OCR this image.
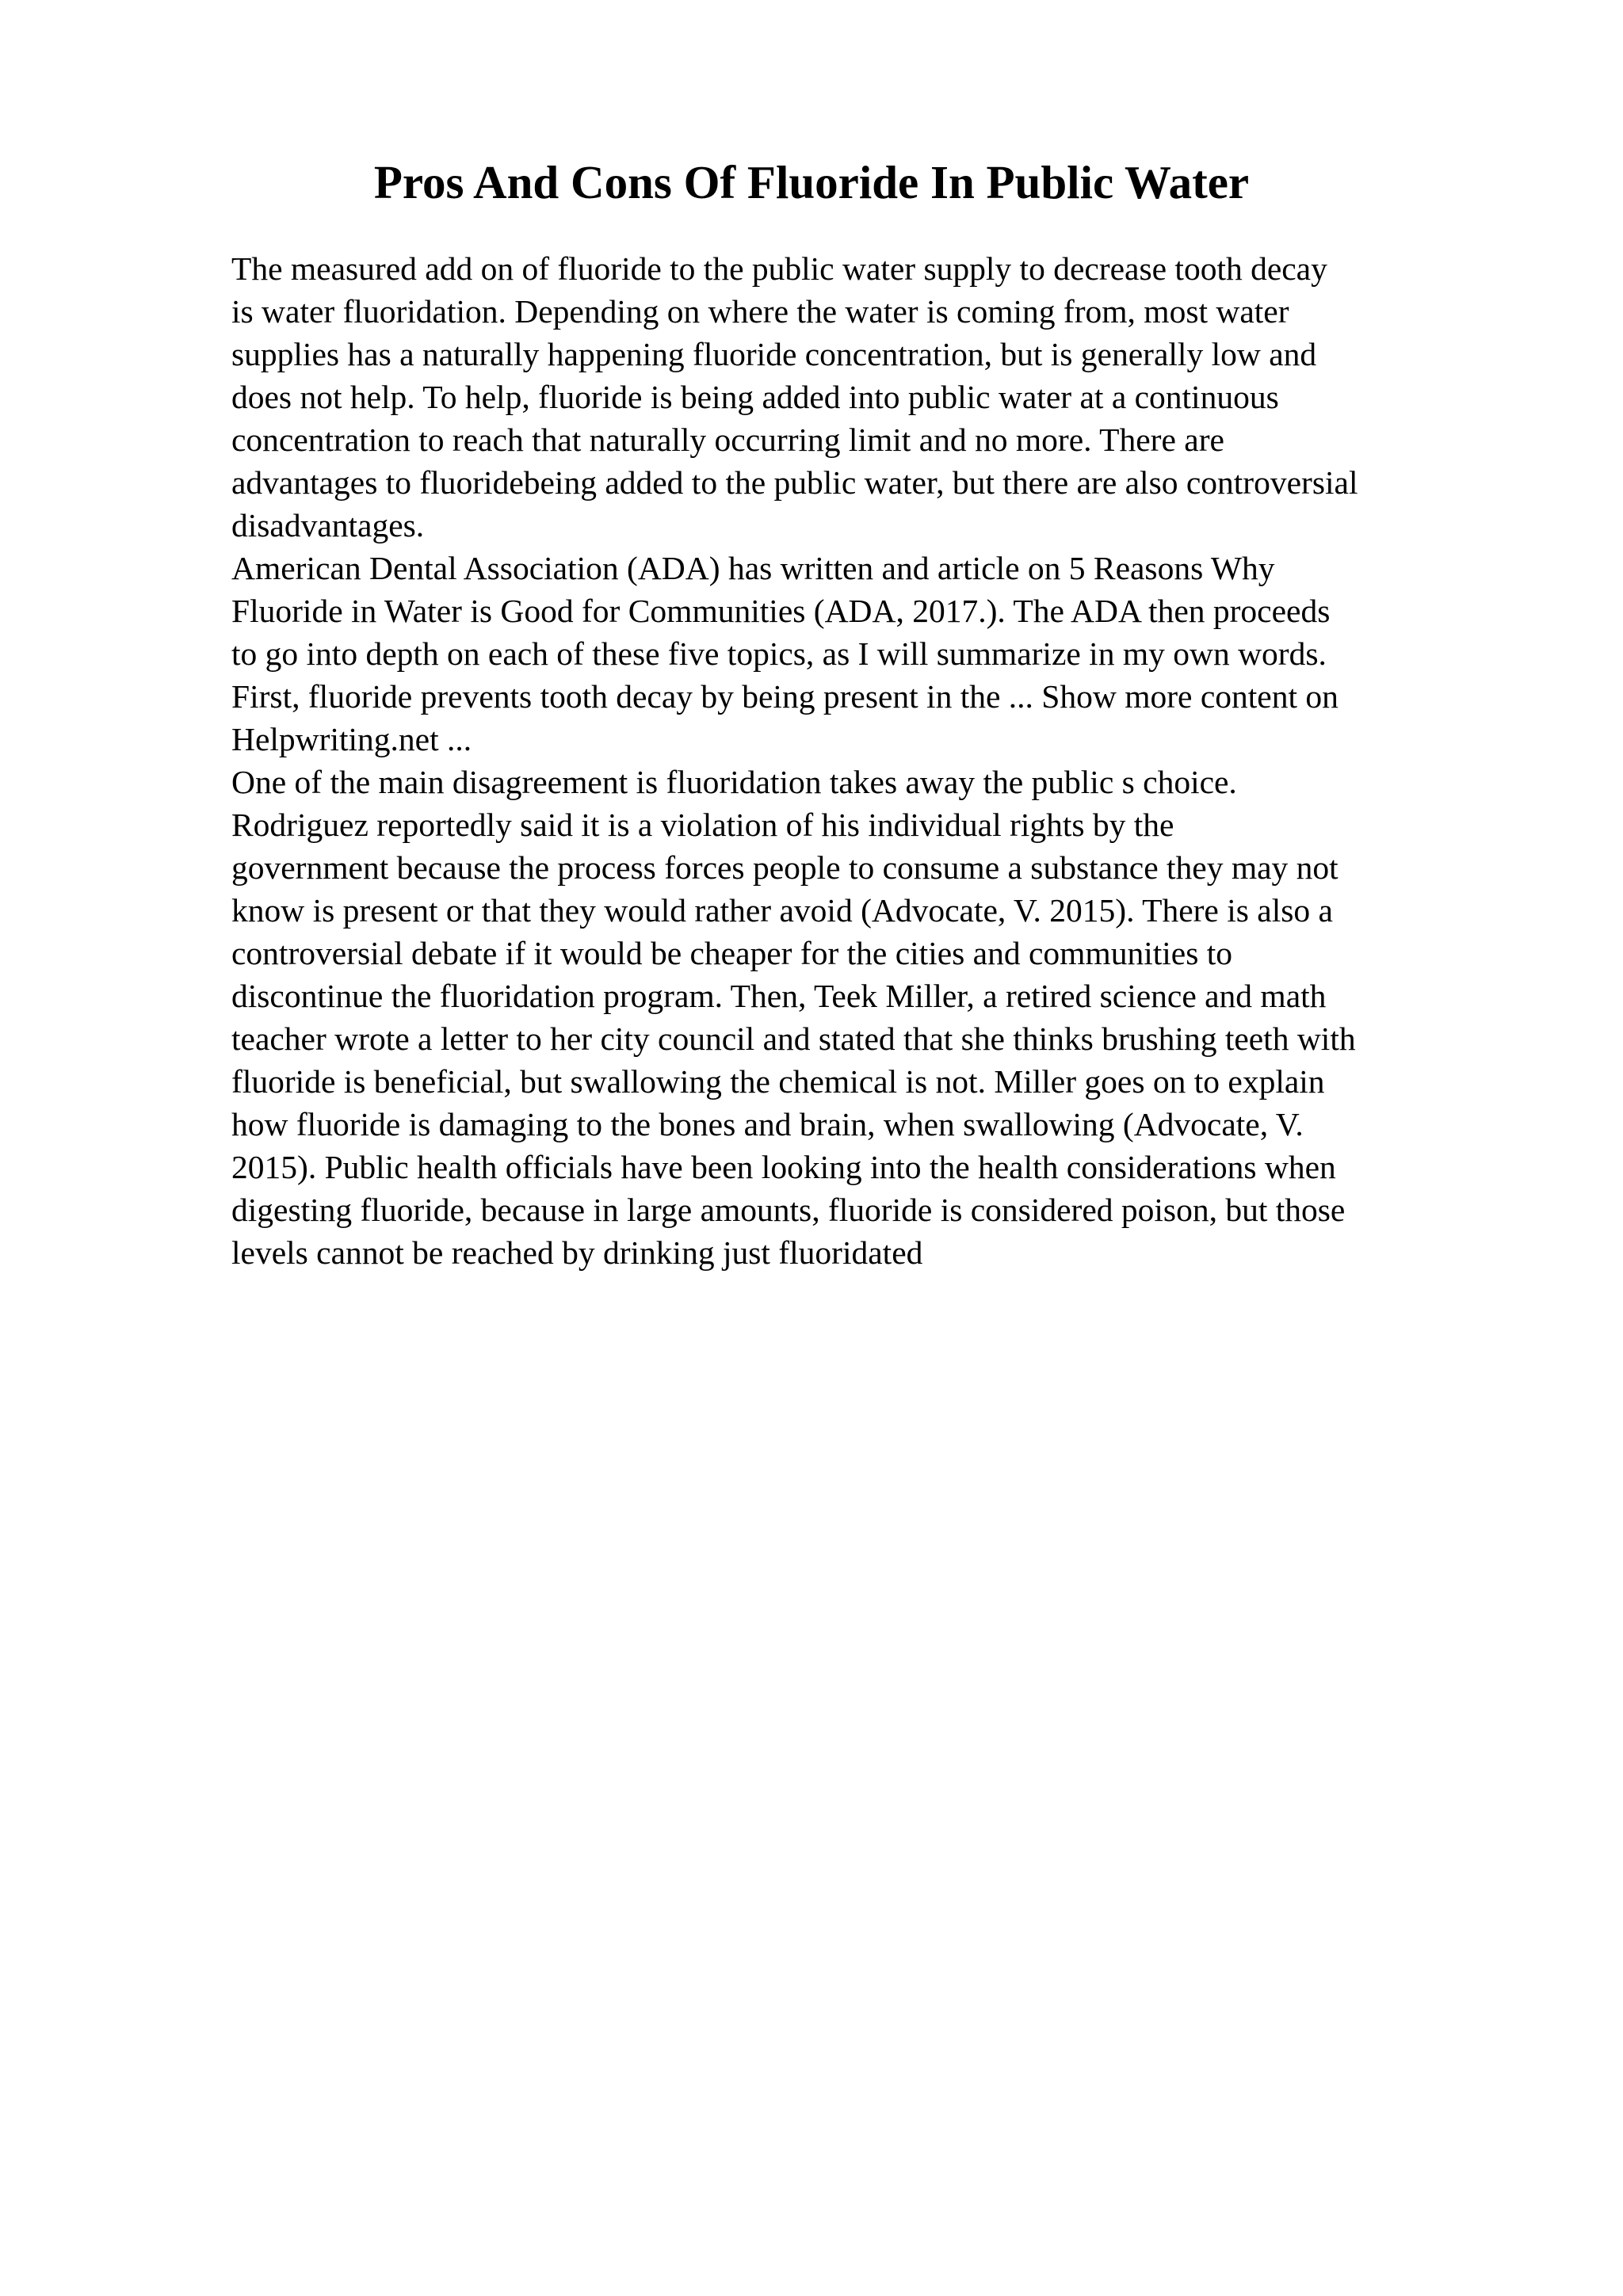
Pros And Cons Of Fluoride In Public Water
The measured add on of fluoride to the public water supply to decrease tooth decay
is water fluoridation. Depending on where the water is coming from, most water
supplies has a naturally happening fluoride concentration, but is generally low and
does not help. To help, fluoride is being added into public water at a continuous
concentration to reach that naturally occurring limit and no more. There are
advantages to fluoridebeing added to the public water, but there are also controversial
disadvantages.
American Dental Association (ADA) has written and article on 5 Reasons Why
Fluoride in Water is Good for Communities (ADA, 2017.). The ADA then proceeds
to go into depth on each of these five topics, as I will summarize in my own words.
First, fluoride prevents tooth decay by being present in the ... Show more content on
Helpwriting.net ...
One of the main disagreement is fluoridation takes away the public s choice.
Rodriguez reportedly said it is a violation of his individual rights by the
government because the process forces people to consume a substance they may not
know is present or that they would rather avoid (Advocate, V. 2015). There is also a
controversial debate if it would be cheaper for the cities and communities to
discontinue the fluoridation program. Then, Teek Miller, a retired science and math
teacher wrote a letter to her city council and stated that she thinks brushing teeth with
fluoride is beneficial, but swallowing the chemical is not. Miller goes on to explain
how fluoride is damaging to the bones and brain, when swallowing (Advocate, V.
2015). Public health officials have been looking into the health considerations when
digesting fluoride, because in large amounts, fluoride is considered poison, but those
levels cannot be reached by drinking just fluoridated
